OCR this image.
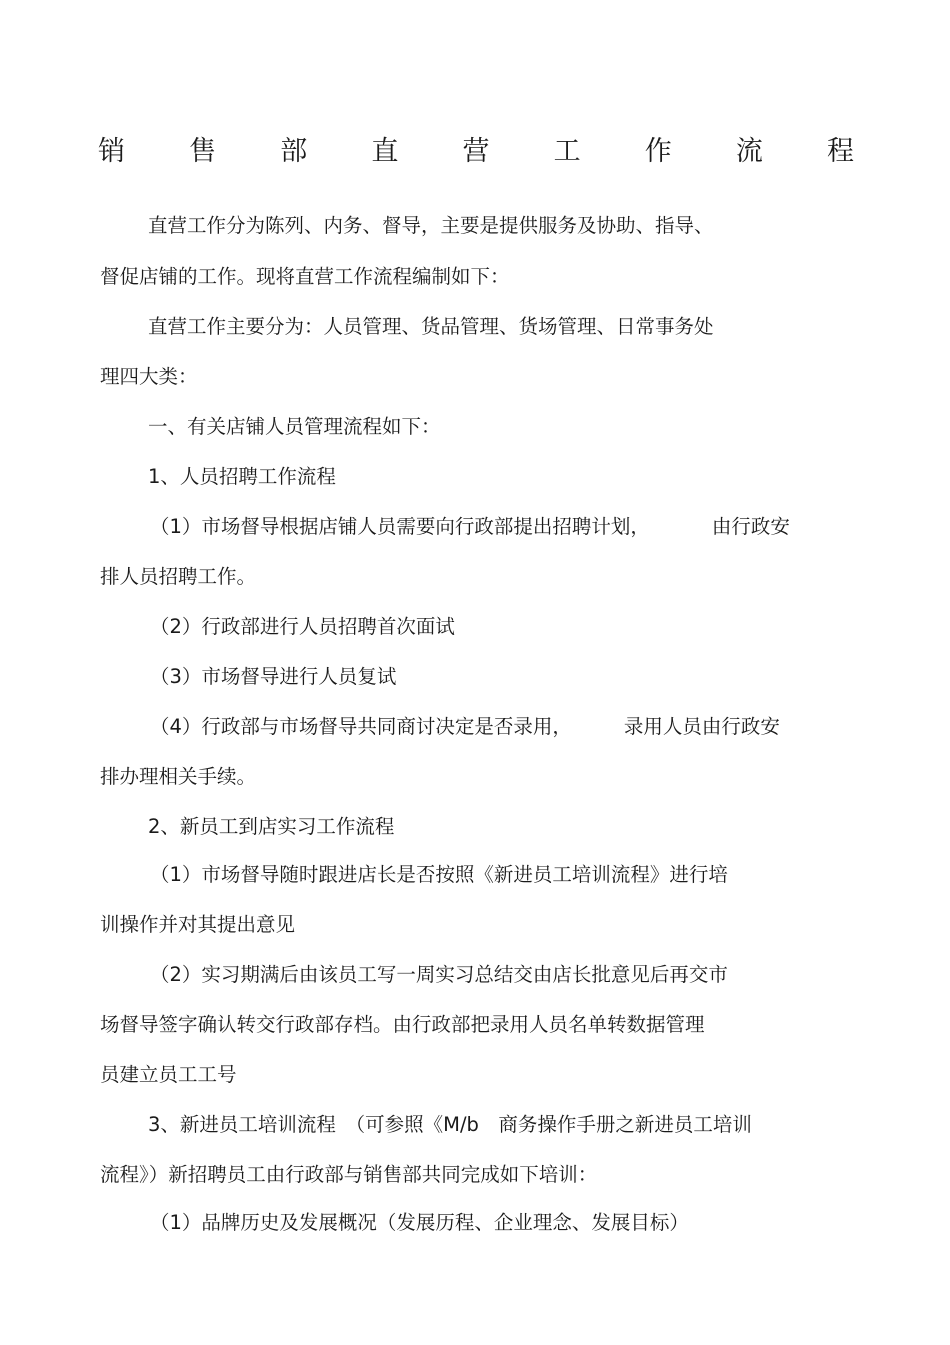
销 售 部 直 营 工 作 流 程
直营工作分为陈列、内务、督导，主要是提供服务及协助、指导、
督促店铺的工作。现将直营工作流程编制如下：
直营工作主要分为：人员管理、货品管理、货场管理、日常事务处
理四大类：
一、有关店铺人员管理流程如下：
1、人员招聘工作流程
（1）市场督导根据店铺人员需要向行政部提出招聘计划，	由行政安
排人员招聘工作。
（2）行政部进行人员招聘首次面试
（3）市场督导进行人员复试
（4）行政部与市场督导共同商讨决定是否录用，	录用人员由行政安
排办理相关手续。
2、新员工到店实习工作流程
（1）市场督导随时跟进店长是否按照《新进员工培训流程》进行培
训操作并对其提出意见
（2）实习期满后由该员工写一周实习总结交由店长批意见后再交市
场督导签字确认转交行政部存档。由行政部把录用人员名单转数据管理
员建立员工工号
3、新进员工培训流程　（可参照《M/b　商务操作手册之新进员工培训
流程》）新招聘员工由行政部与销售部共同完成如下培训：
（1）品牌历史及发展概况（发展历程、企业理念、发展目标）
